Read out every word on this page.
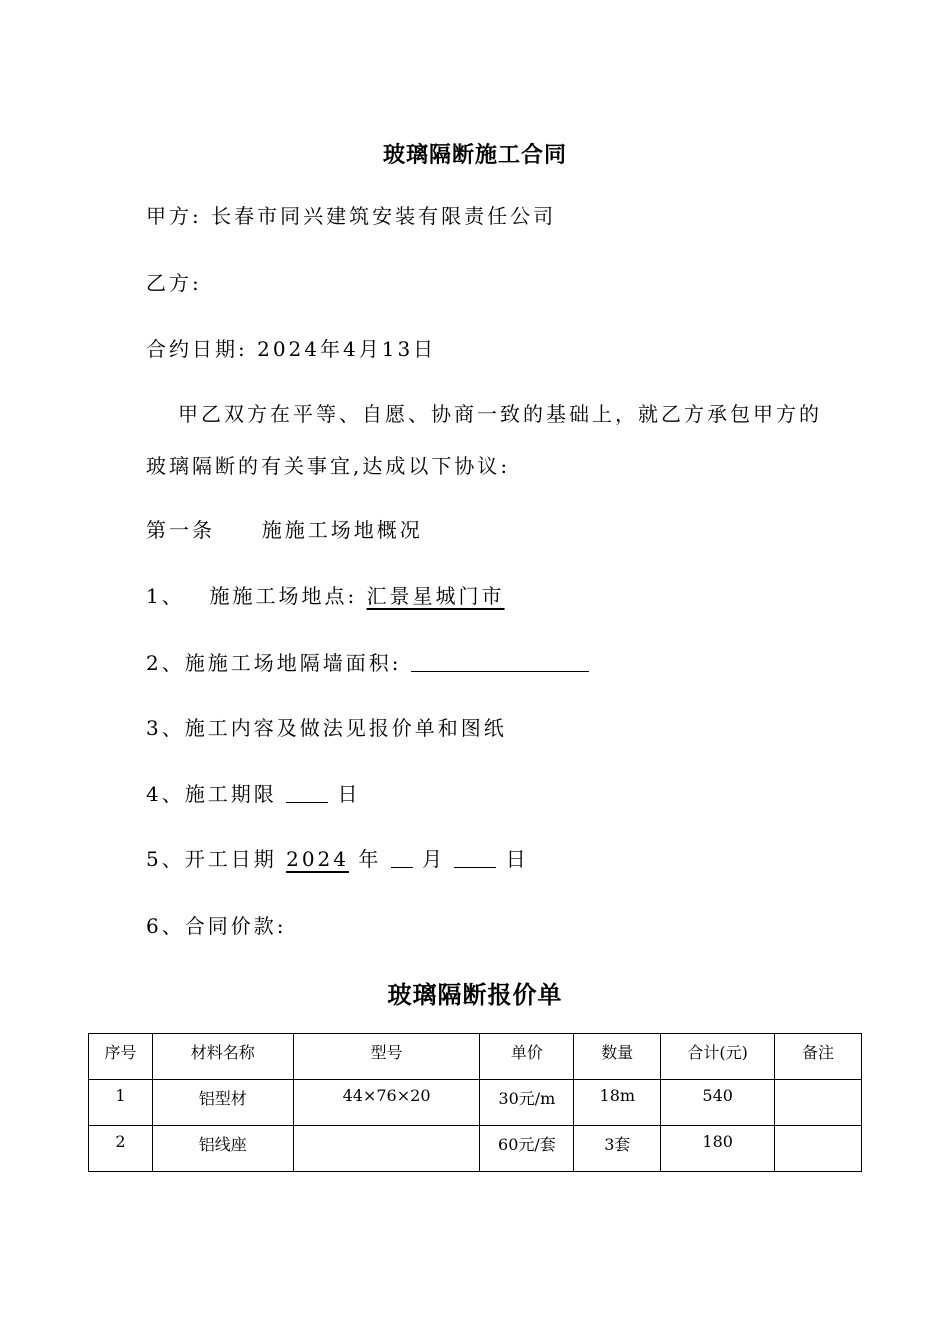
玻璃隔断施工合同
甲方: 长春市同兴建筑安装有限责任公司
乙方:
合约日期: 2024年4月13日
甲乙双方在平等、自愿、协商一致的基础上，就乙方承包甲方的
玻璃隔断的有关事宜,达成以下协议:
第一条 施施工场地概况
1、 施施工场地点: 汇景星城门市
2、施施工场地隔墙面积:
3、施工内容及做法见报价单和图纸
4、施工期限	日
5、开工日期 2024 年 月	日
6、合同价款:
玻璃隔断报价单
序号	材料名称	型号	单价	数量	合计(元)	备注
1	铝型材	44×76×20	30元/m	18m	540	
2	铝线座		60元/套	3套	180	
